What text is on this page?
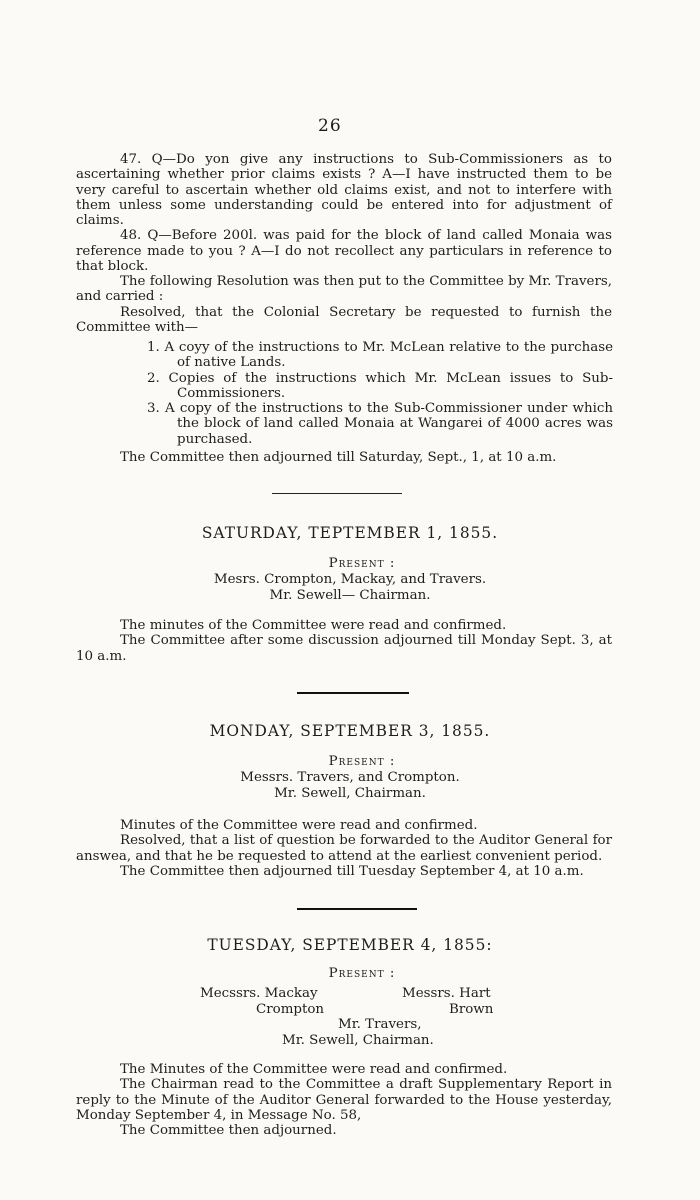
26

47. Q—Do yon give any instructions to Sub-Commissioners as to ascertaining whether prior claims exists ? A—I have instructed them to be very careful to ascertain whether old claims exist, and not to interfere with them unless some understanding could be entered into for adjustment of claims.

48. Q—Before 200l. was paid for the block of land called Monaia was reference made to you ? A—I do not recollect any particulars in reference to that block.

The following Resolution was then put to the Committee by Mr. Travers, and carried :

Resolved, that the Colonial Secretary be requested to furnish the Committee with—

1. A coyy of the instructions to Mr. McLean relative to the purchase of native Lands.

2. Copies of the instructions which Mr. McLean issues to Sub-Commissioners.

3. A copy of the instructions to the Sub-Commissioner under which the block of land called Monaia at Wangarei of 4000 acres was purchased.

The Committee then adjourned till Saturday, Sept., 1, at 10 a.m.

SATURDAY, TEPTEMBER 1, 1855.
Present :
Mesrs. Crompton, Mackay, and Travers.
Mr. Sewell— Chairman.

The minutes of the Committee were read and confirmed.

The Committee after some discussion adjourned till Monday Sept. 3, at 10 a.m.

MONDAY, SEPTEMBER 3, 1855.
Present :
Messrs. Travers, and Crompton.
Mr. Sewell, Chairman.

Minutes of the Committee were read and confirmed.

Resolved, that a list of question be forwarded to the Auditor General for answea, and that he be requested to attend at the earliest convenient period.

The Committee then adjourned till Tuesday September 4, at 10 a.m.

TUESDAY, SEPTEMBER 4, 1855:
Present :
Mecssrs. Mackay
Crompton
Messrs. Hart
Brown
Mr. Travers,
Mr. Sewell, Chairman.

The Minutes of the Committee were read and confirmed.

The Chairman read to the Committee a draft Supplementary Report in reply to the Minute of the Auditor General forwarded to the House yesterday, Monday September 4, in Message No. 58,

The Committee then adjourned.
